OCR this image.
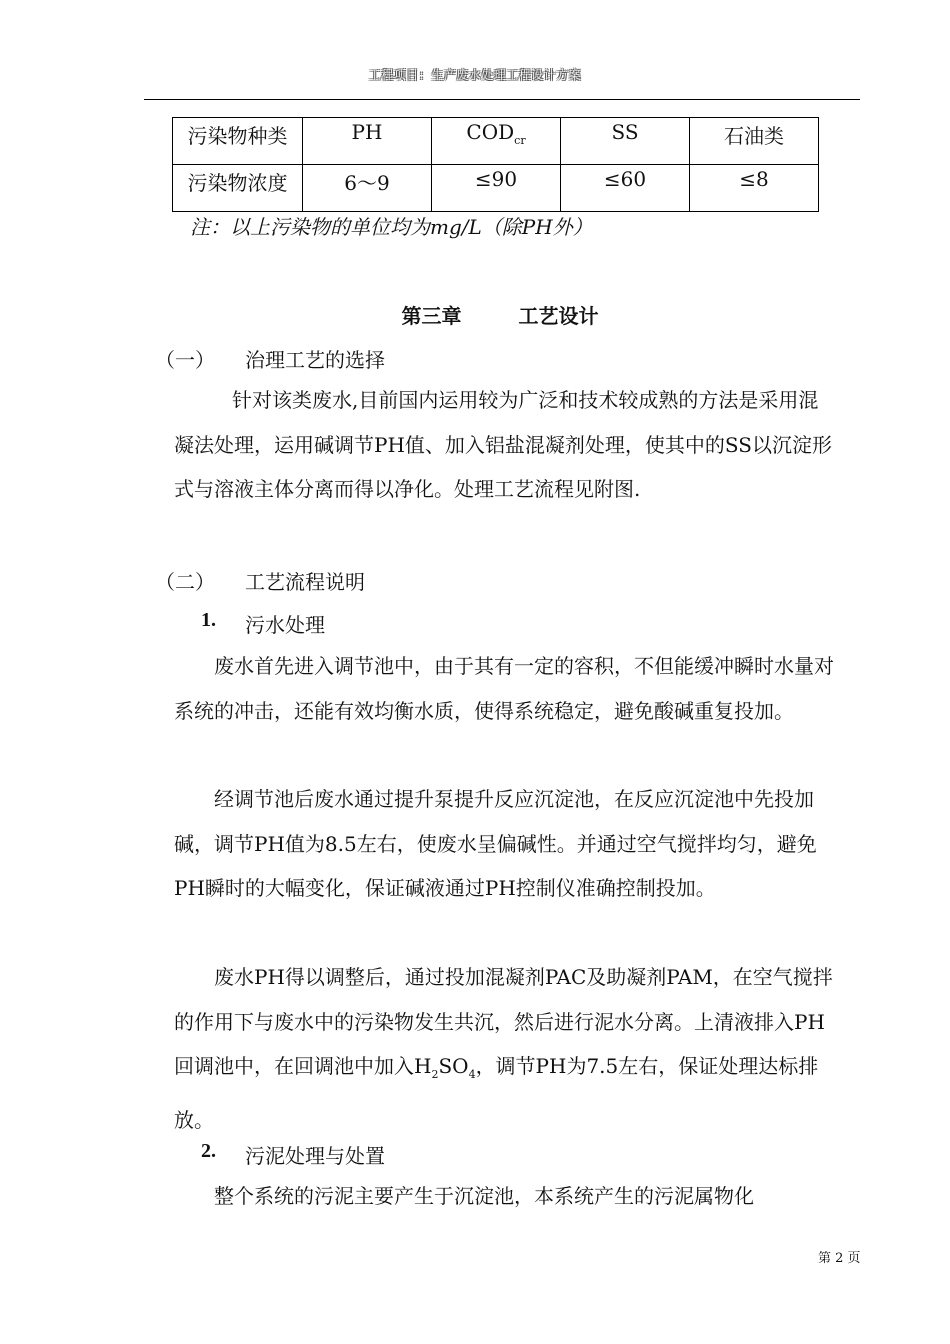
工程项目：生产废水处理工程设计方案
污染物种类	PH	$COD_{cr}$	SS	石油类
污染物浓度	6～9	≤90	≤60	≤8
注：以上污染物的单位均为mg/L（除PH外）
第三章 工艺设计
（一） 治理工艺的选择
针对该类废水,目前国内运用较为广泛和技术较成熟的方法是采用混凝法处理，运用碱调节PH值、加入铝盐混凝剂处理，使其中的SS以沉淀形式与溶液主体分离而得以净化。处理工艺流程见附图.
（二） 工艺流程说明
1. 污水处理
废水首先进入调节池中，由于其有一定的容积，不但能缓冲瞬时水量对系统的冲击，还能有效均衡水质，使得系统稳定，避免酸碱重复投加。
经调节池后废水通过提升泵提升反应沉淀池，在反应沉淀池中先投加碱，调节PH值为8.5左右，使废水呈偏碱性。并通过空气搅拌均匀，避免PH瞬时的大幅变化，保证碱液通过PH控制仪准确控制投加。
废水PH得以调整后，通过投加混凝剂PAC及助凝剂PAM，在空气搅拌的作用下与废水中的污染物发生共沉，然后进行泥水分离。上清液排入PH回调池中，在回调池中加入$H_2SO_4$，调节PH为7.5左右，保证处理达标排放。
2. 污泥处理与处置
整个系统的污泥主要产生于沉淀池，本系统产生的污泥属物化
第 2 页
